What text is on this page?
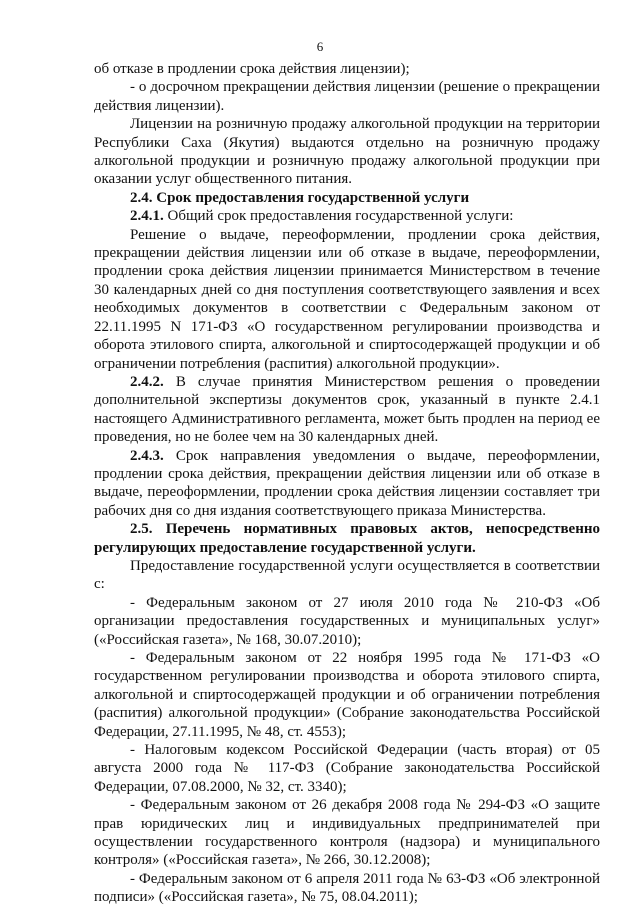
6

об отказе в продлении срока действия лицензии);

- о досрочном прекращении действия лицензии (решение о прекращении действия лицензии).

Лицензии на розничную продажу алкогольной продукции на территории Республики Саха (Якутия) выдаются отдельно на розничную продажу алкогольной продукции и розничную продажу алкогольной продукции при оказании услуг общественного питания.

2.4. Срок предоставления государственной услуги

2.4.1. Общий срок предоставления государственной услуги:

Решение о выдаче, переоформлении, продлении срока действия, прекращении действия лицензии или об отказе в выдаче, переоформлении, продлении срока действия лицензии принимается Министерством в течение 30 календарных дней со дня поступления соответствующего заявления и всех необходимых документов в соответствии с Федеральным законом от 22.11.1995 N 171-ФЗ «О государственном регулировании производства и оборота этилового спирта, алкогольной и спиртосодержащей продукции и об ограничении потребления (распития) алкогольной продукции».

2.4.2. В случае принятия Министерством решения о проведении дополнительной экспертизы документов срок, указанный в пункте 2.4.1 настоящего Административного регламента, может быть продлен на период ее проведения, но не более чем на 30 календарных дней.

2.4.3. Срок направления уведомления о выдаче, переоформлении, продлении срока действия, прекращении действия лицензии или об отказе в выдаче, переоформлении, продлении срока действия лицензии составляет три рабочих дня со дня издания соответствующего приказа Министерства.

2.5. Перечень нормативных правовых актов, непосредственно регулирующих предоставление государственной услуги.

Предоставление государственной услуги осуществляется в соответствии с:

- Федеральным законом от 27 июля 2010 года № 210-ФЗ «Об организации предоставления государственных и муниципальных услуг» («Российская газета», № 168, 30.07.2010);

- Федеральным законом от 22 ноября 1995 года № 171-ФЗ «О государственном регулировании производства и оборота этилового спирта, алкогольной и спиртосодержащей продукции и об ограничении потребления (распития) алкогольной продукции» (Собрание законодательства Российской Федерации, 27.11.1995, № 48, ст. 4553);

- Налоговым кодексом Российской Федерации (часть вторая) от 05 августа 2000 года № 117-ФЗ (Собрание законодательства Российской Федерации, 07.08.2000, № 32, ст. 3340);

- Федеральным законом от 26 декабря 2008 года № 294-ФЗ «О защите прав юридических лиц и индивидуальных предпринимателей при осуществлении государственного контроля (надзора) и муниципального контроля» («Российская газета», № 266, 30.12.2008);

- Федеральным законом от 6 апреля 2011 года № 63-ФЗ «Об электронной подписи» («Российская газета», № 75, 08.04.2011);
